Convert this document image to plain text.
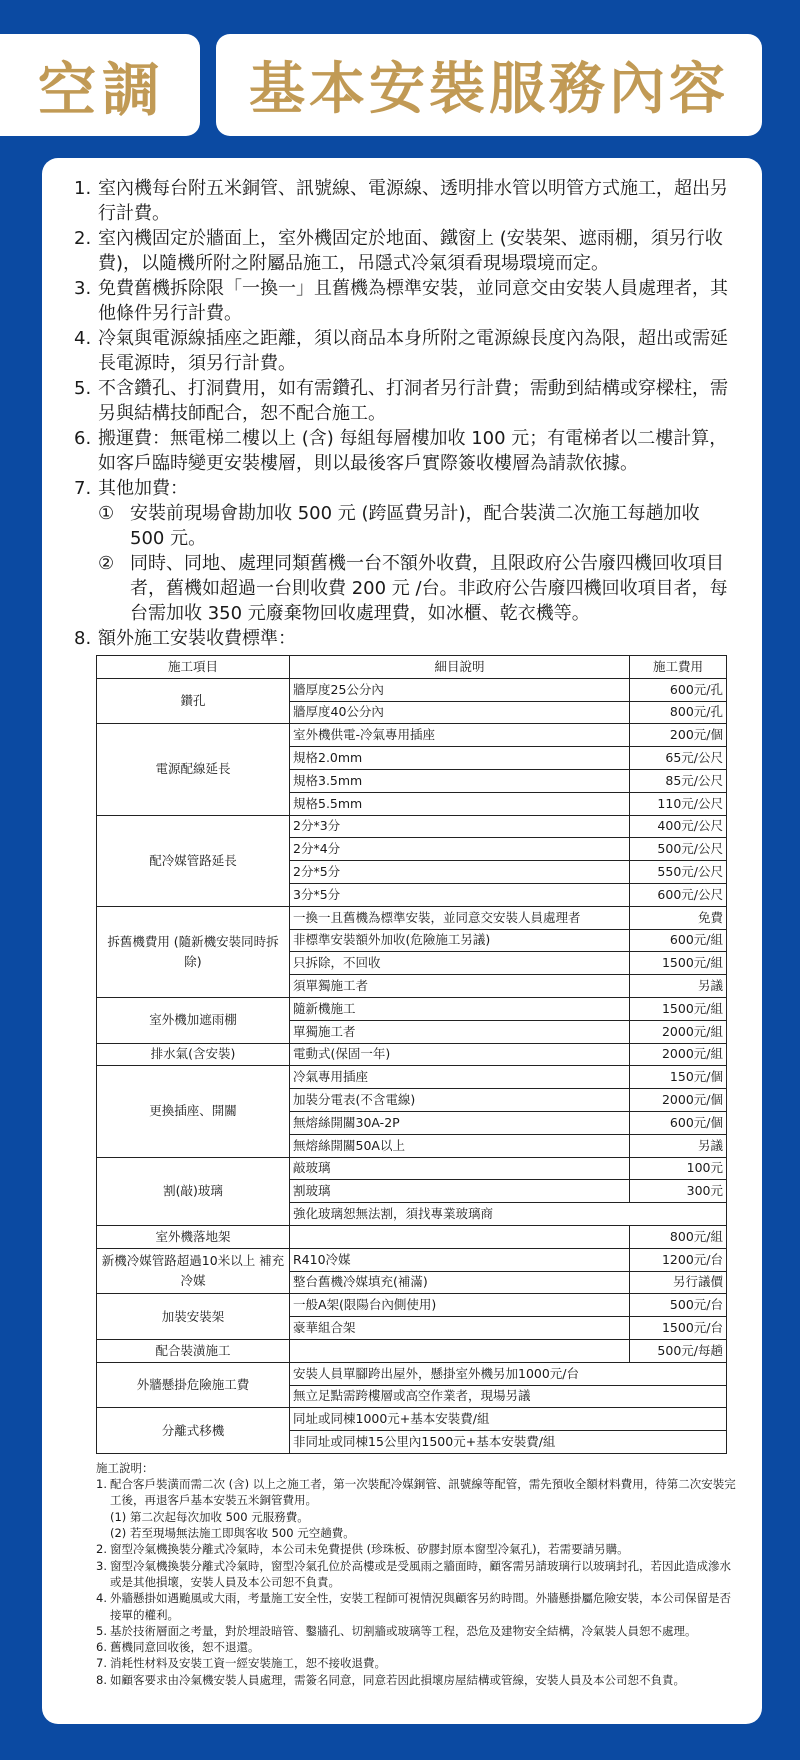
空調 基本安裝服務內容
1. 室內機每台附五米銅管、訊號線、電源線、透明排水管以明管方式施工，超出另行計費。
2. 室內機固定於牆面上，室外機固定於地面、鐵窗上 (安裝架、遮雨棚，須另行收費)，以隨機所附之附屬品施工，吊隱式冷氣須看現場環境而定。
3. 免費舊機拆除限「一換一」且舊機為標準安裝，並同意交由安裝人員處理者，其他條件另行計費。
4. 冷氣與電源線插座之距離，須以商品本身所附之電源線長度內為限，超出或需延長電源時，須另行計費。
5. 不含鑽孔、打洞費用，如有需鑽孔、打洞者另行計費；需動到結構或穿樑柱，需另與結構技師配合，恕不配合施工。
6. 搬運費：無電梯二樓以上 (含) 每組每層樓加收 100 元；有電梯者以二樓計算，如客戶臨時變更安裝樓層，則以最後客戶實際簽收樓層為請款依據。
7. 其他加費：
① 安裝前現場會勘加收 500 元 (跨區費另計)，配合裝潢二次施工每趟加收 500 元。
② 同時、同地、處理同類舊機一台不額外收費，且限政府公告廢四機回收項目者，舊機如超過一台則收費 200 元 /台。非政府公告廢四機回收項目者，每台需加收 350 元廢棄物回收處理費，如冰櫃、乾衣機等。
8. 額外施工安裝收費標準：
施工項目	細目說明	施工費用
鑽孔	牆厚度25公分內	600元/孔
	牆厚度40公分內	800元/孔
電源配線延長	室外機供電-冷氣專用插座	200元/個
	規格2.0mm	65元/公尺
	規格3.5mm	85元/公尺
	規格5.5mm	110元/公尺
配冷媒管路延長	2分*3分	400元/公尺
	2分*4分	500元/公尺
	2分*5分	550元/公尺
	3分*5分	600元/公尺
拆舊機費用 (隨新機安裝同時拆除)	一換一且舊機為標準安裝，並同意交安裝人員處理者	免費
	非標準安裝額外加收(危險施工另議)	600元/組
	只拆除，不回收	1500元/組
	須單獨施工者	另議
室外機加遮雨棚	隨新機施工	1500元/組
	單獨施工者	2000元/組
排水氣(含安裝)	電動式(保固一年)	2000元/組
更換插座、開關	冷氣專用插座	150元/個
	加裝分電表(不含電線)	2000元/個
	無熔絲開關30A-2P	600元/個
	無熔絲開關50A以上	另議
割(敲)玻璃	敲玻璃	100元
	割玻璃	300元
	強化玻璃恕無法割，須找專業玻璃商	
室外機落地架		800元/組
新機冷媒管路超過10米以上 補充冷媒	R410冷媒	1200元/台
	整台舊機冷媒填充(補滿)	另行議價
加裝安裝架	一般A架(限陽台內側使用)	500元/台
	豪華組合架	1500元/台
配合裝潢施工		500元/每趟
外牆懸掛危險施工費	安裝人員單腳跨出屋外，懸掛室外機另加1000元/台	
	無立足點需跨樓層或高空作業者，現場另議	
分離式移機	同址或同棟1000元+基本安裝費/組	
	非同址或同棟15公里內1500元+基本安裝費/組	
施工說明：
1. 配合客戶裝潢而需二次 (含) 以上之施工者，第一次裝配冷媒銅管、訊號線等配管，需先預收全額材料費用，待第二次安裝完工後，再退客戶基本安裝五米銅管費用。
(1) 第二次起每次加收 500 元服務費。
(2) 若至現場無法施工即與客收 500 元空趟費。
2. 窗型冷氣機換裝分離式冷氣時，本公司未免費提供 (珍珠板、矽膠封原本窗型冷氣孔)，若需要請另購。
3. 窗型冷氣機換裝分離式冷氣時，窗型冷氣孔位於高樓或是受風雨之牆面時，顧客需另請玻璃行以玻璃封孔，若因此造成滲水或是其他損壞，安裝人員及本公司恕不負責。
4. 外牆懸掛如遇颱風或大雨，考量施工安全性，安裝工程師可視情況與顧客另約時間。外牆懸掛屬危險安裝，本公司保留是否接單的權利。
5. 基於技術層面之考量，對於埋設暗管、鑿牆孔、切割牆或玻璃等工程，恐危及建物安全結構，冷氣裝人員恕不處理。
6. 舊機同意回收後，恕不退還。
7. 消耗性材料及安裝工資一經安裝施工，恕不接收退費。
8. 如顧客要求由冷氣機安裝人員處理，需簽名同意，同意若因此損壞房屋結構或管線，安裝人員及本公司恕不負責。
